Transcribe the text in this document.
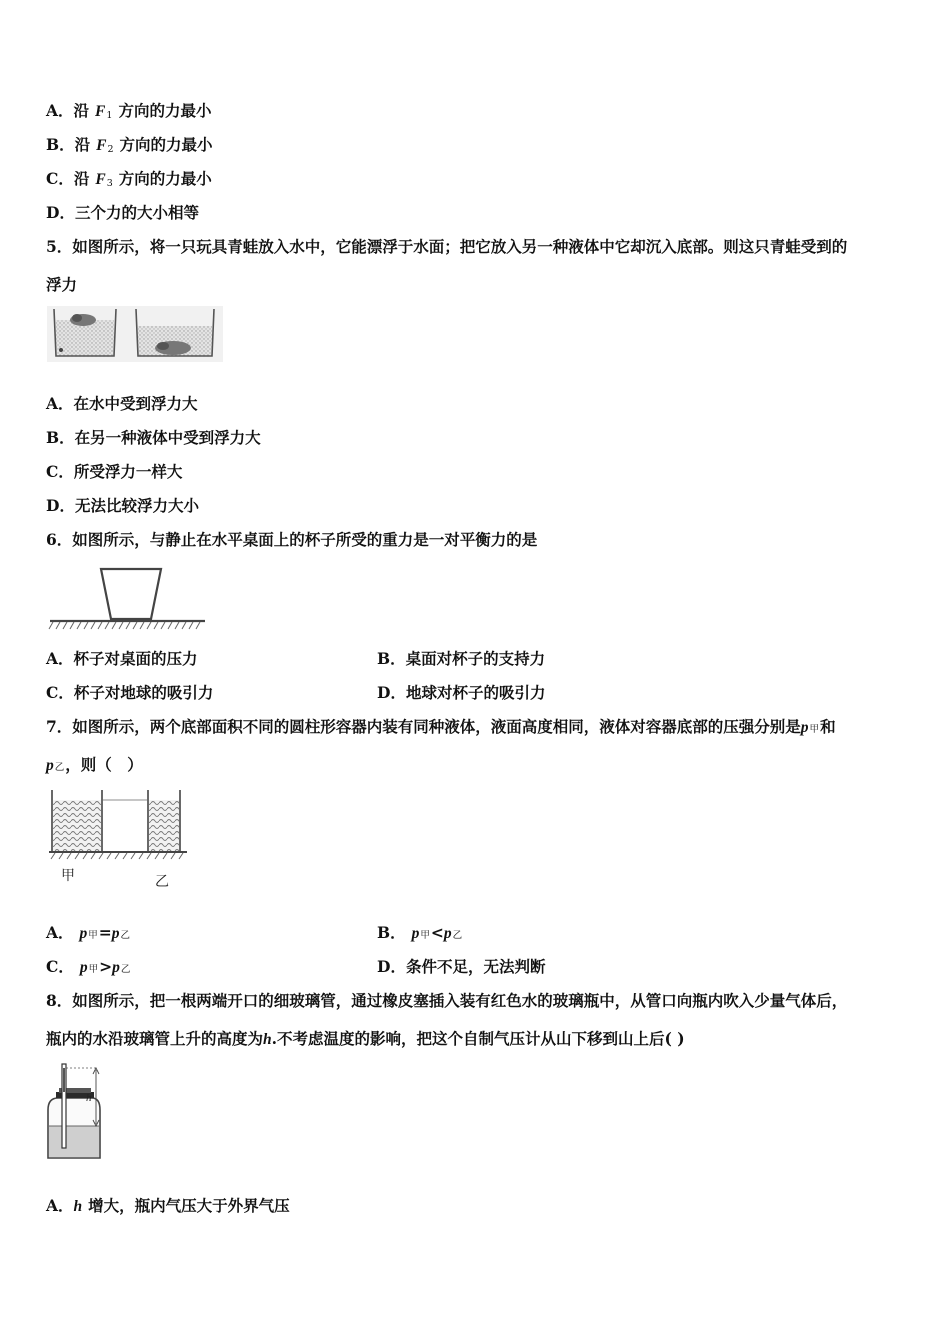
A．沿 $F_1$ 方向的力最小
B．沿 $F_2$ 方向的力最小
C．沿 $F_3$ 方向的力最小
D．三个力的大小相等
5．如图所示，将一只玩具青蛙放入水中，它能漂浮于水面；把它放入另一种液体中它却沉入底部。则这只青蛙受到的
浮力
A．在水中受到浮力大
B．在另一种液体中受到浮力大
C．所受浮力一样大
D．无法比较浮力大小
6．如图所示，与静止在水平桌面上的杯子所受的重力是一对平衡力的是
A．杯子对桌面的压力	B．桌面对杯子的支持力
C．杯子对地球的吸引力	D．地球对杯子的吸引力
7．如图所示，两个底部面积不同的圆柱形容器内装有同种液体，液面高度相同，液体对容器底部的压强分别是p甲和
p乙，则（　）
甲	乙
A． p甲=p乙	B． p甲<p乙
C． p甲>p乙	D．条件不足，无法判断
8．如图所示，把一根两端开口的细玻璃管，通过橡皮塞插入装有红色水的玻璃瓶中，从管口向瓶内吹入少量气体后，
瓶内的水沿玻璃管上升的高度为h.不考虑温度的影响，把这个自制气压计从山下移到山上后( )
h
A．h 增大，瓶内气压大于外界气压
